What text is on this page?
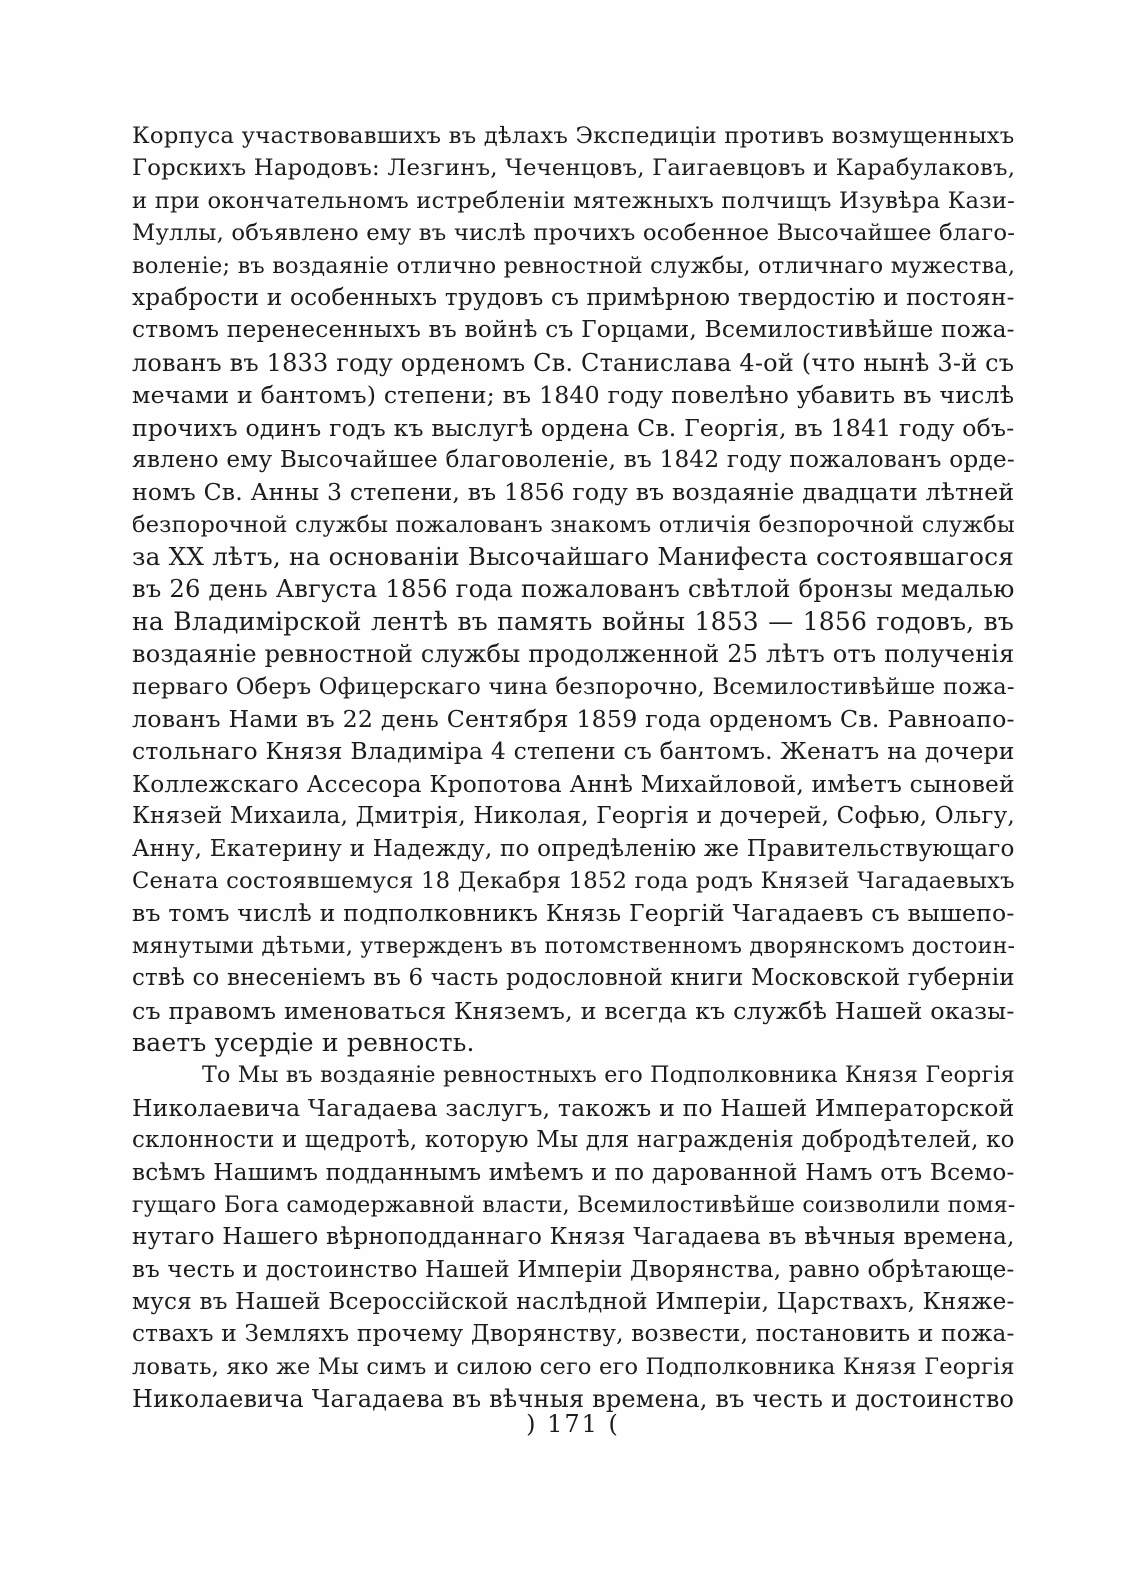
Корпуса участвовавшихъ въ дѣлахъ Экспедиціи противъ возмущенныхъ
Горскихъ Народовъ: Лезгинъ, Чеченцовъ, Гаигаевцовъ и Карабулаковъ,
и при окончательномъ истребленіи мятежныхъ полчищъ Изувѣра Кази-
Муллы, объявлено ему въ числѣ прочихъ особенное Высочайшее благо-
воленіе; въ воздаяніе отлично ревностной службы, отличнаго мужества,
храбрости и особенныхъ трудовъ съ примѣрною твердостію и постоян-
ствомъ перенесенныхъ въ войнѣ съ Горцами, Всемилостивѣйше пожа-
лованъ въ 1833 году орденомъ Св. Станислава 4-ой (что нынѣ 3-й съ
мечами и бантомъ) степени; въ 1840 году повелѣно убавить въ числѣ
прочихъ одинъ годъ къ выслугѣ ордена Св. Георгія, въ 1841 году объ-
явлено ему Высочайшее благоволеніе, въ 1842 году пожалованъ орде-
номъ Св. Анны 3 степени, въ 1856 году въ воздаяніе двадцати лѣтней
безпорочной службы пожалованъ знакомъ отличія безпорочной службы
за XX лѣтъ, на основаніи Высочайшаго Манифеста состоявшагося
въ 26 день Августа 1856 года пожалованъ свѣтлой бронзы медалью
на Владимірской лентѣ въ память войны 1853 — 1856 годовъ, въ
воздаяніе ревностной службы продолженной 25 лѣтъ отъ полученія
перваго Оберъ Офицерскаго чина безпорочно, Всемилостивѣйше пожа-
лованъ Нами въ 22 день Сентября 1859 года орденомъ Св. Равноапо-
стольнаго Князя Владиміра 4 степени съ бантомъ. Женатъ на дочери
Коллежскаго Ассесора Кропотова Аннѣ Михайловой, имѣетъ сыновей
Князей Михаила, Дмитрія, Николая, Георгія и дочерей, Софью, Ольгу,
Анну, Екатерину и Надежду, по опредѣленію же Правительствующаго
Сената состоявшемуся 18 Декабря 1852 года родъ Князей Чагадаевыхъ
въ томъ числѣ и подполковникъ Князь Георгій Чагадаевъ съ вышепо-
мянутыми дѣтьми, утвержденъ въ потомственномъ дворянскомъ достоин-
ствѣ со внесеніемъ въ 6 часть родословной книги Московской губерніи
съ правомъ именоваться Княземъ, и всегда къ службѣ Нашей оказы-
ваетъ усердіе и ревность.
То Мы въ воздаяніе ревностныхъ его Подполковника Князя Георгія
Николаевича Чагадаева заслугъ, такожъ и по Нашей Императорской
склонности и щедротѣ, которую Мы для награжденія добродѣтелей, ко
всѣмъ Нашимъ подданнымъ имѣемъ и по дарованной Намъ отъ Всемо-
гущаго Бога самодержавной власти, Всемилостивѣйше соизволили помя-
нутаго Нашего вѣрноподданнаго Князя Чагадаева въ вѣчныя времена,
въ честь и достоинство Нашей Имперіи Дворянства, равно обрѣтающе-
муся въ Нашей Всероссійской наслѣдной Имперіи, Царствахъ, Княже-
ствахъ и Земляхъ прочему Дворянству, возвести, постановить и пожа-
ловать, яко же Мы симъ и силою сего его Подполковника Князя Георгія
Николаевича Чагадаева въ вѣчныя времена, въ честь и достоинство
) 171 (
